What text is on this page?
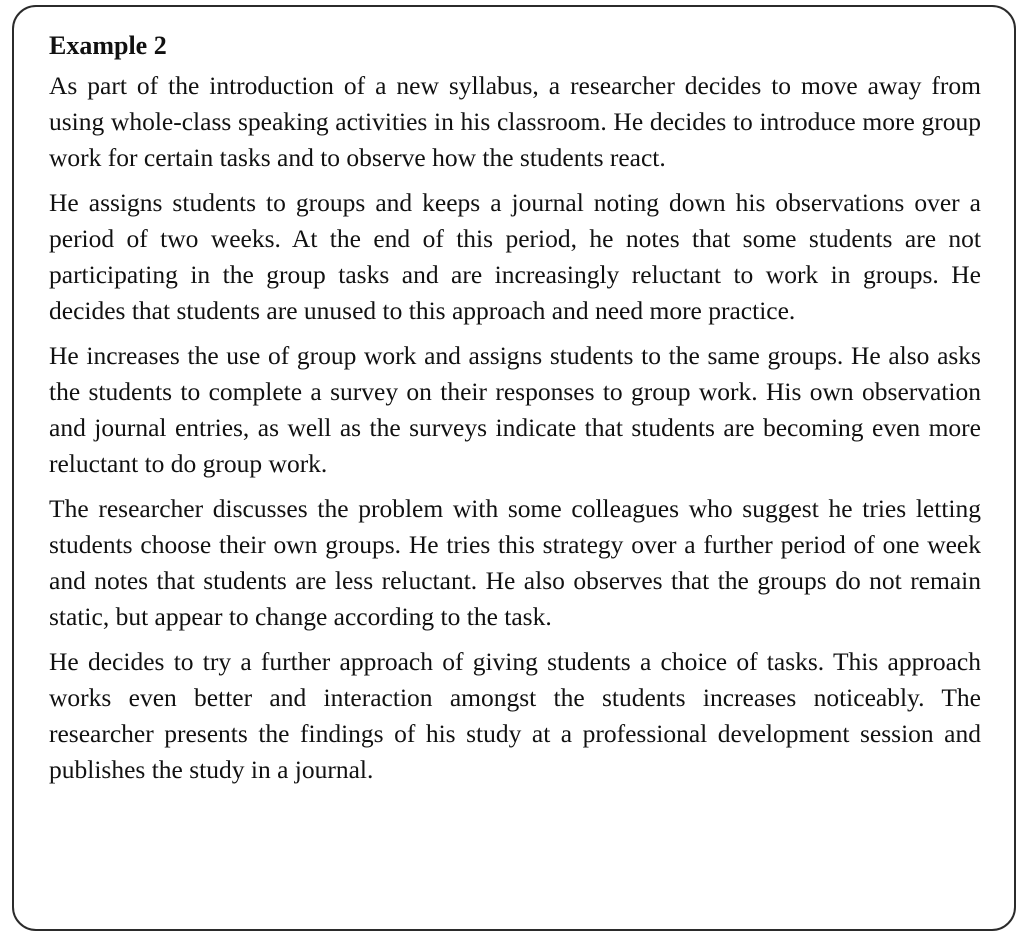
Example 2

As part of the introduction of a new syllabus, a researcher decides to move away from using whole-class speaking activities in his classroom. He decides to introduce more group work for certain tasks and to observe how the students react.

He assigns students to groups and keeps a journal noting down his observations over a period of two weeks. At the end of this period, he notes that some students are not participating in the group tasks and are increasingly reluctant to work in groups. He decides that students are unused to this approach and need more practice.

He increases the use of group work and assigns students to the same groups. He also asks the students to complete a survey on their responses to group work. His own observation and journal entries, as well as the surveys indicate that students are becoming even more reluctant to do group work.

The researcher discusses the problem with some colleagues who suggest he tries letting students choose their own groups. He tries this strategy over a further period of one week and notes that students are less reluctant. He also observes that the groups do not remain static, but appear to change according to the task.

He decides to try a further approach of giving students a choice of tasks. This approach works even better and interaction amongst the students increases noticeably. The researcher presents the findings of his study at a professional development session and publishes the study in a journal.
